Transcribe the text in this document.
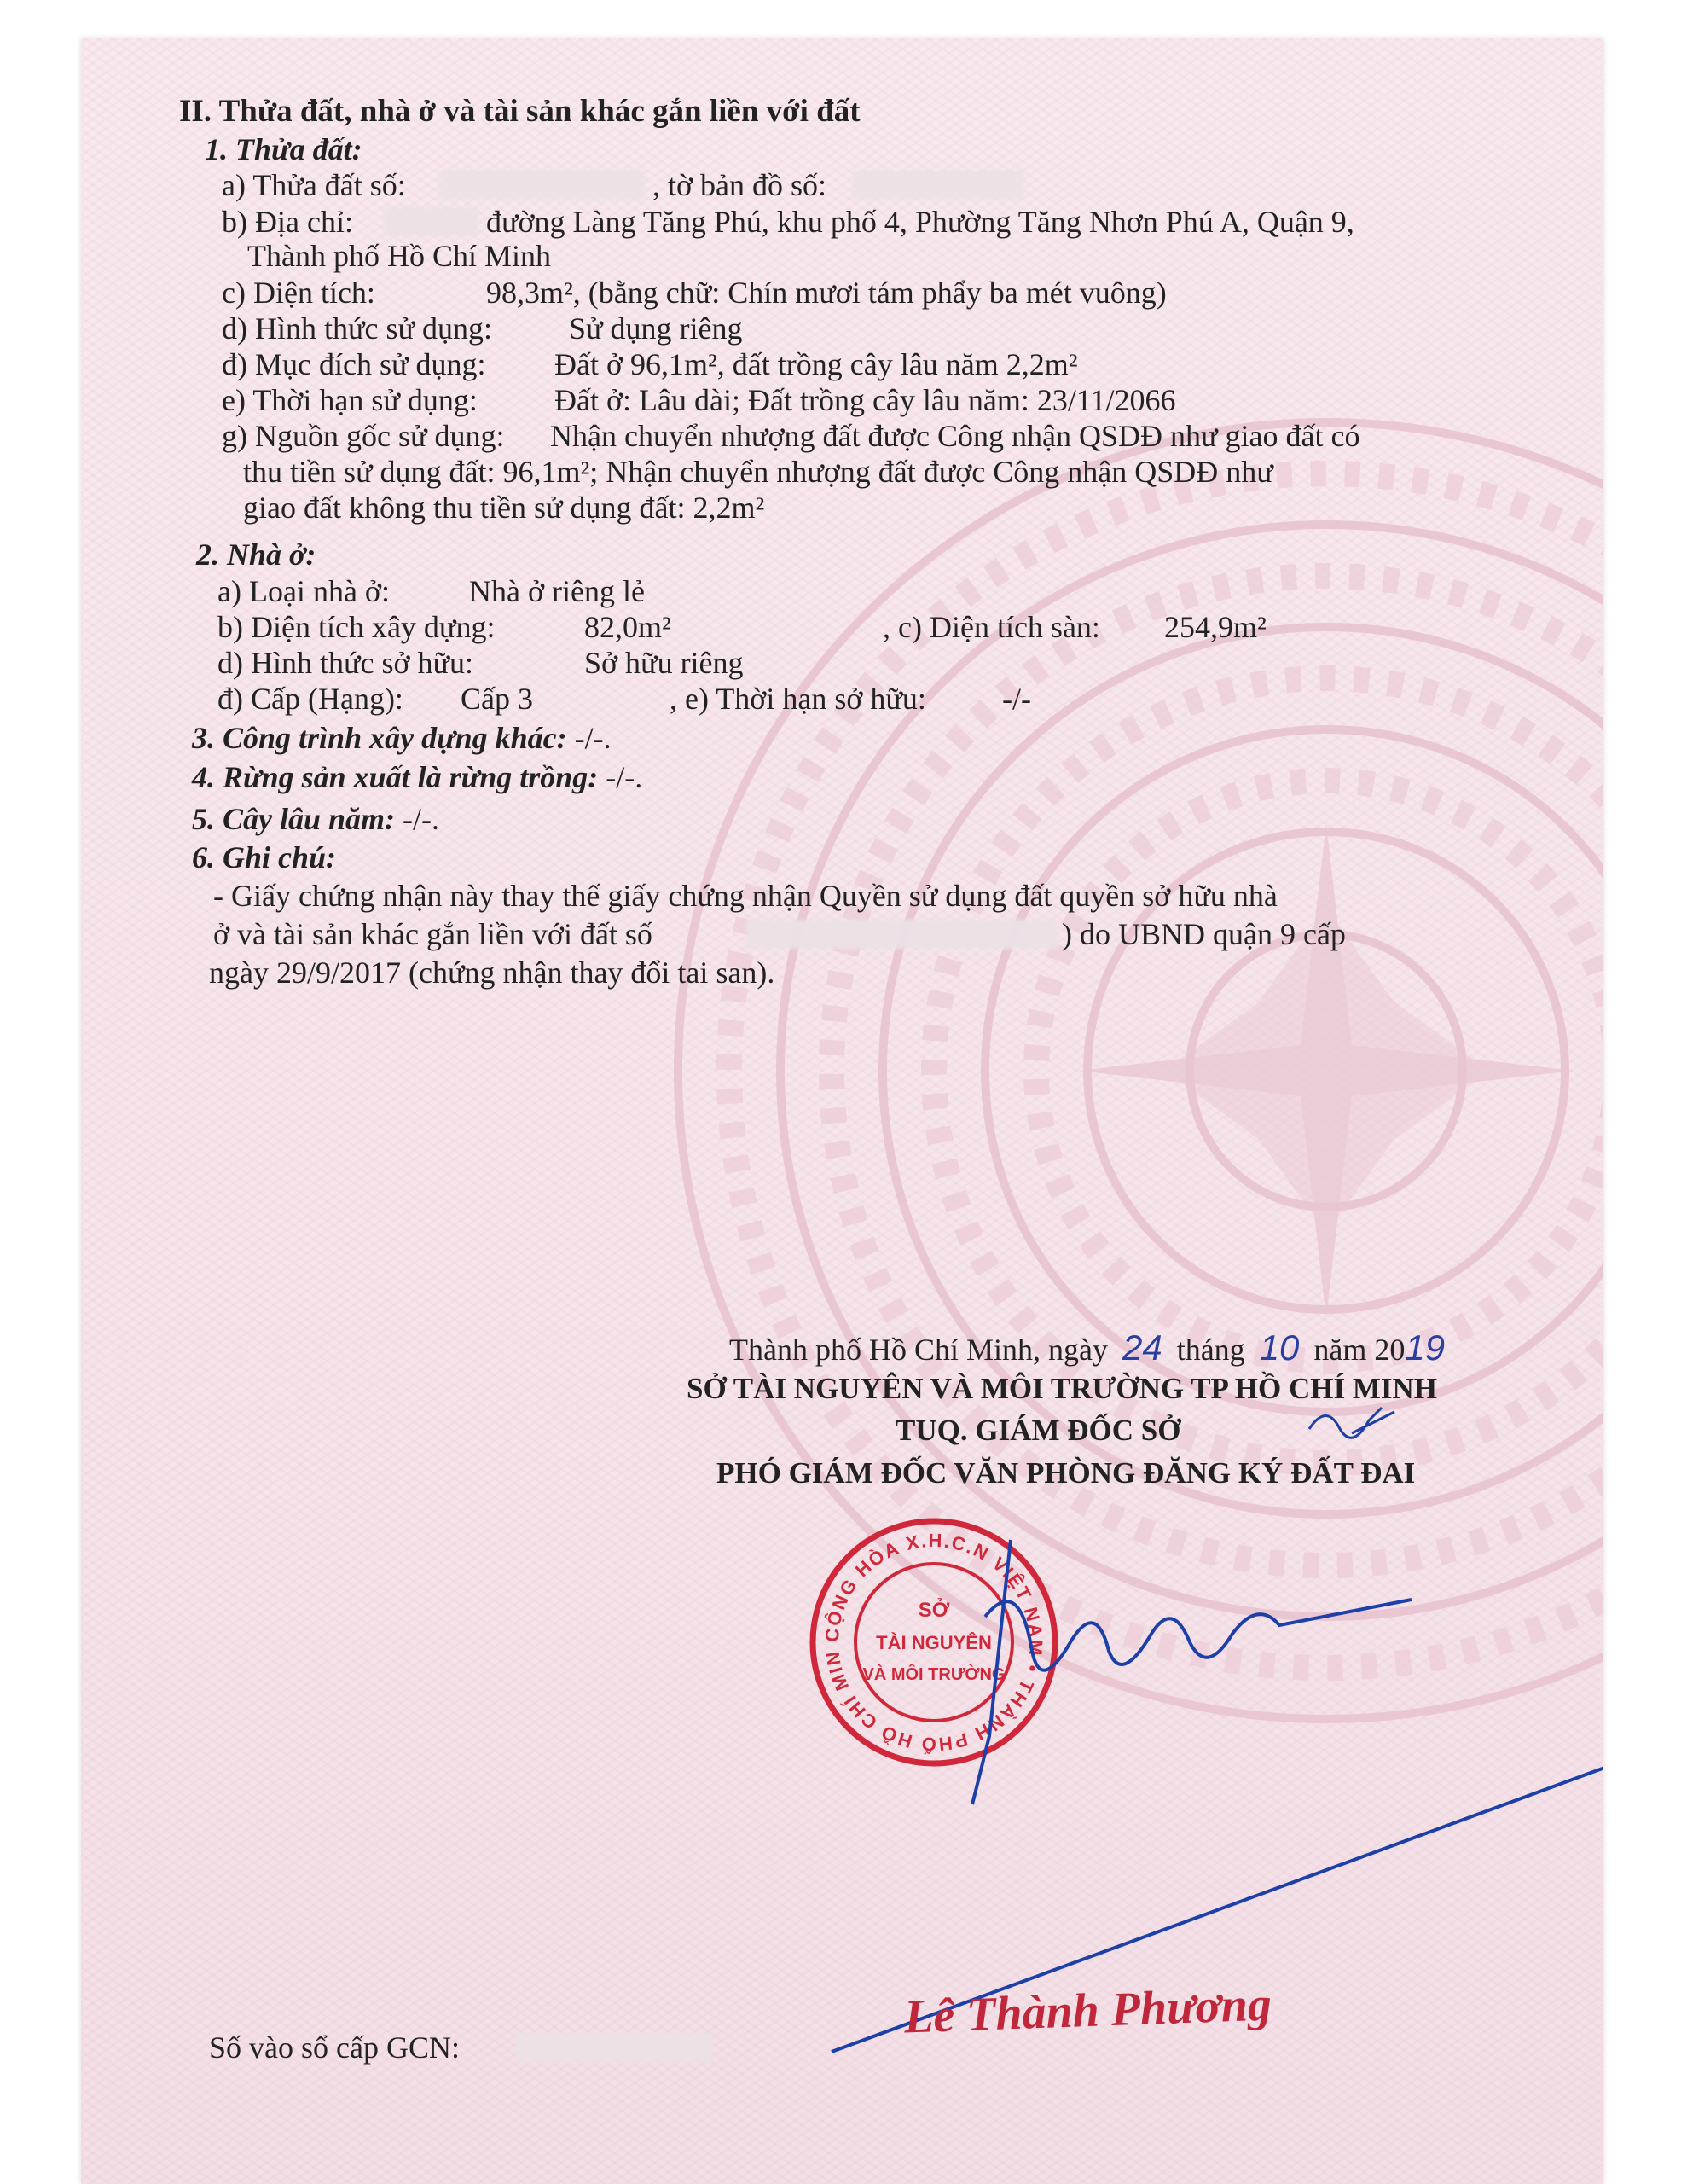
II. Thửa đất, nhà ở và tài sản khác gắn liền với đất
1. Thửa đất:
a) Thửa đất số:	, tờ bản đồ số:
b) Địa chỉ:	đường Làng Tăng Phú, khu phố 4, Phường Tăng Nhơn Phú A, Quận 9,
Thành phố Hồ Chí Minh
c) Diện tích:	98,3m², (bằng chữ: Chín mươi tám phẩy ba mét vuông)
d) Hình thức sử dụng: Sử dụng riêng
đ) Mục đích sử dụng: Đất ở 96,1m², đất trồng cây lâu năm 2,2m²
e) Thời hạn sử dụng:	Đất ở: Lâu dài; Đất trồng cây lâu năm: 23/11/2066
g) Nguồn gốc sử dụng: Nhận chuyển nhượng đất được Công nhận QSDĐ như giao đất có
thu tiền sử dụng đất: 96,1m²; Nhận chuyển nhượng đất được Công nhận QSDĐ như
giao đất không thu tiền sử dụng đất: 2,2m²
2. Nhà ở:
a) Loại nhà ở:	Nhà ở riêng lẻ
b) Diện tích xây dựng:	82,0m²	, c) Diện tích sàn: 254,9m²
d) Hình thức sở hữu:	Sở hữu riêng
đ) Cấp (Hạng): Cấp 3	, e) Thời hạn sở hữu: -/-
3. Công trình xây dựng khác: -/-.
4. Rừng sản xuất là rừng trồng: -/-.
5. Cây lâu năm: -/-.
6. Ghi chú:
- Giấy chứng nhận này thay thế giấy chứng nhận Quyền sử dụng đất quyền sở hữu nhà
ở và tài sản khác gắn liền với đất số	) do UBND quận 9 cấp
ngày 29/9/2017 (chứng nhận thay đổi tai san).
Thành phố Hồ Chí Minh, ngày 24 tháng 10 năm 2019
SỞ TÀI NGUYÊN VÀ MÔI TRƯỜNG TP HỒ CHÍ MINH
TUQ. GIÁM ĐỐC SỞ
PHÓ GIÁM ĐỐC VĂN PHÒNG ĐĂNG KÝ ĐẤT ĐAI
CỘNG HÒA X.H.C.N VIỆT NAM • THÀNH PHỐ HỒ CHÍ MINH
SỞ
TÀI NGUYÊN
VÀ MÔI TRƯỜNG
Lê Thành Phương
Số vào sổ cấp GCN:
